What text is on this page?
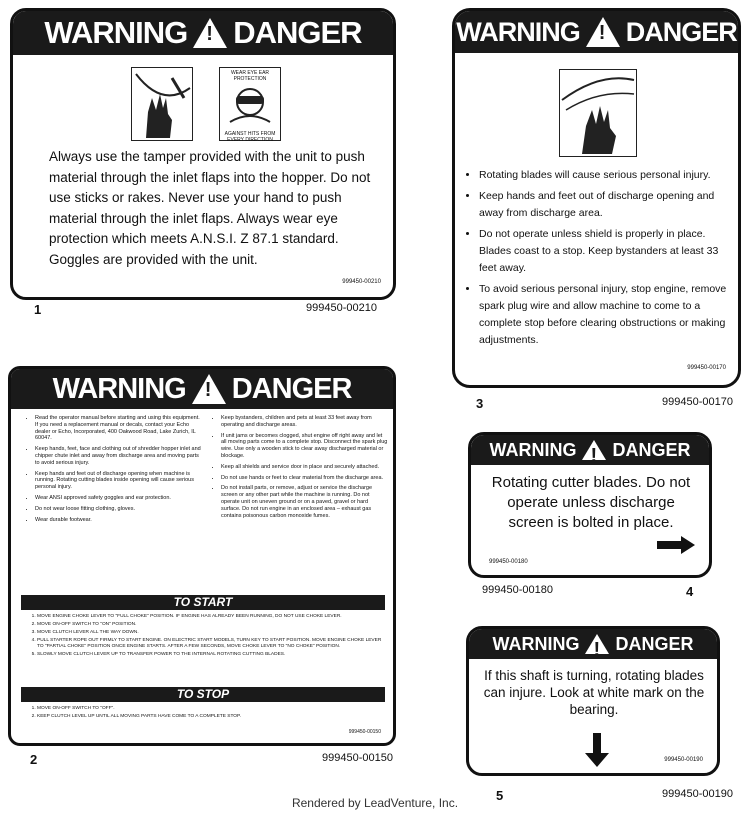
WARNING ! DANGER
WEAR EYE EAR PROTECTION
AGAINST HITS FROM EVERY DIRECTION
Always use the tamper provided with the unit to push material through the inlet flaps into the hopper. Do not use sticks or rakes. Never use your hand to push material through the inlet flaps. Always wear eye protection which meets A.N.S.I. Z 87.1 standard. Goggles are provided with the unit.
999450-00210
1	999450-00210
WARNING ! DANGER
• Read the operator manual before starting and using this equipment. If you need a replacement manual or decals, contact your Echo dealer or Echo, Incorporated, 400 Oakwood Road, Lake Zurich, IL 60047.
• Keep hands, feet, face and clothing out of shredder hopper inlet and chipper chute inlet and away from discharge area and moving parts to avoid serious injury.
• Keep hands and feet out of discharge opening when machine is running. Rotating cutting blades inside opening will cause serious personal injury.
• Wear ANSI approved safety goggles and ear protection.
• Do not wear loose fitting clothing, gloves.
• Wear durable footwear.
• Keep bystanders, children and pets at least 33 feet away from operating and discharge areas.
• If unit jams or becomes clogged, shut engine off right away and let all moving parts come to a complete stop. Disconnect the spark plug wire. Use only a wooden stick to clear away discharged material or blockage.
• Keep all shields and service door in place and securely attached.
• Do not use hands or feet to clear material from the discharge area.
• Do not install parts, or remove, adjust or service the discharge screen or any other part while the machine is running. Do not operate unit on uneven ground or on a paved, gravel or hard surface. Do not run engine in an enclosed area – exhaust gas contains poisonous carbon monoxide fumes.
TO START
1. MOVE ENGINE CHOKE LEVER TO "FULL CHOKE" POSITION. IF ENGINE HAS ALREADY BEEN RUNNING, DO NOT USE CHOKE LEVER.
2. MOVE ON-OFF SWITCH TO "ON" POSITION.
3. MOVE CLUTCH LEVER ALL THE WAY DOWN.
4. PULL STARTER ROPE OUT FIRMLY TO START ENGINE. ON ELECTRIC START MODELS, TURN KEY TO START POSITION. MOVE ENGINE CHOKE LEVER TO "PARTIAL CHOKE" POSITION ONCE ENGINE STARTS. AFTER A FEW SECONDS, MOVE CHOKE LEVER TO "NO CHOKE" POSITION.
5. SLOWLY MOVE CLUTCH LEVER UP TO TRANSFER POWER TO THE INTERNAL ROTATING CUTTING BLADES.
TO STOP
1. MOVE ON-OFF SWITCH TO "OFF".
2. KEEP CLUTCH LEVEL UP UNTIL ALL MOVING PARTS HAVE COME TO A COMPLETE STOP.
999450-00150
2	999450-00150
WARNING ! DANGER
• Rotating blades will cause serious personal injury.
• Keep hands and feet out of discharge opening and away from discharge area.
• Do not operate unless shield is properly in place. Blades coast to a stop. Keep bystanders at least 33 feet away.
• To avoid serious personal injury, stop engine, remove spark plug wire and allow machine to come to a complete stop before clearing obstructions or making adjustments.
999450-00170
3	999450-00170
WARNING ! DANGER
Rotating cutter blades. Do not operate unless discharge screen is bolted in place.
999450-00180
999450-00180	4
WARNING ! DANGER
If this shaft is turning, rotating blades can injure. Look at white mark on the bearing.
999450-00190
5	999450-00190
Rendered by LeadVenture, Inc.
